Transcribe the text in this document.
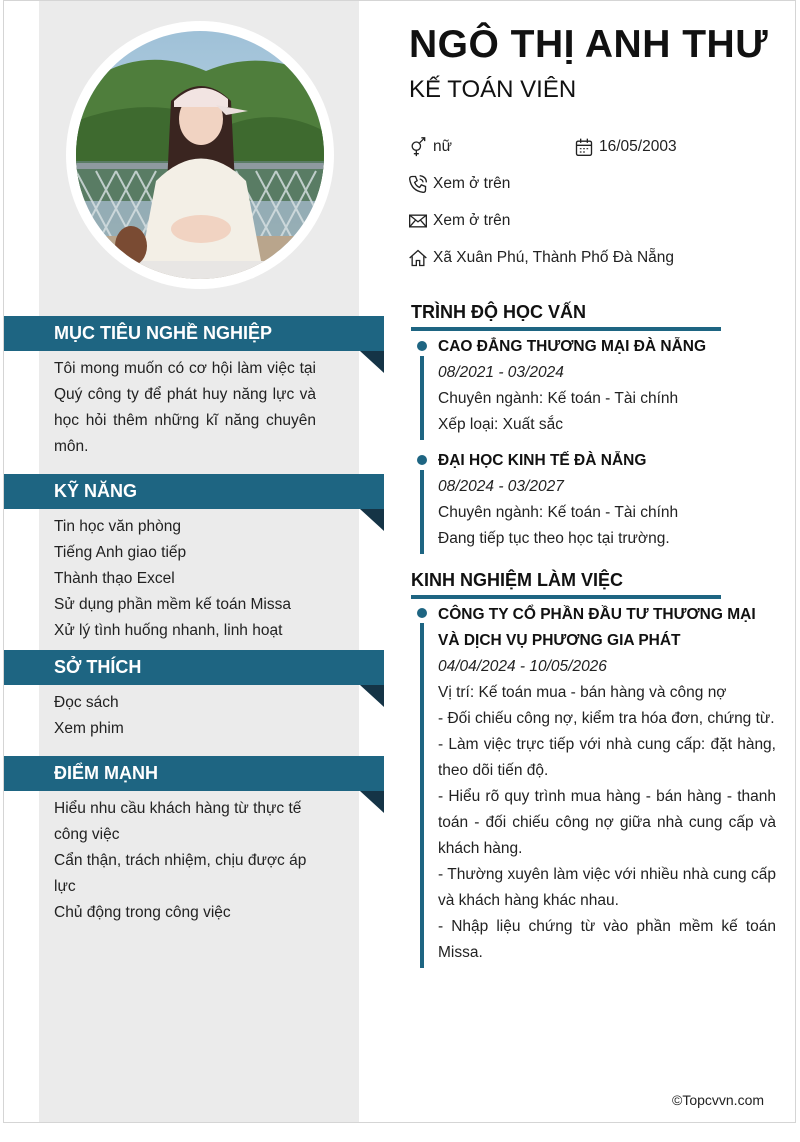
MỤC TIÊU NGHỀ NGHIỆP
Tôi mong muốn có cơ hội làm việc tại Quý công ty để phát huy năng lực và học hỏi thêm những kĩ năng chuyên môn.
KỸ NĂNG
Tin học văn phòng
Tiếng Anh giao tiếp
Thành thạo Excel
Sử dụng phần mềm kế toán Missa
Xử lý tình huống nhanh, linh hoạt
SỞ THÍCH
Đọc sách
Xem phim
ĐIỂM MẠNH
Hiểu nhu cầu khách hàng từ thực tế công việc
Cẩn thận, trách nhiệm, chịu được áp lực
Chủ động trong công việc
NGÔ THỊ ANH THƯ
KẾ TOÁN VIÊN
nữ	16/05/2003
Xem ở trên
Xem ở trên
Xã Xuân Phú, Thành Phố Đà Nẵng
TRÌNH ĐỘ HỌC VẤN
CAO ĐẲNG THƯƠNG MẠI ĐÀ NẴNG
08/2021 - 03/2024
Chuyên ngành: Kế toán - Tài chính
Xếp loại: Xuất sắc
ĐẠI HỌC KINH TẾ ĐÀ NẴNG
08/2024 - 03/2027
Chuyên ngành: Kế toán - Tài chính
Đang tiếp tục theo học tại trường.
KINH NGHIỆM LÀM VIỆC
CÔNG TY CỔ PHẦN ĐẦU TƯ THƯƠNG MẠI VÀ DỊCH VỤ PHƯƠNG GIA PHÁT
04/04/2024 - 10/05/2026
Vị trí: Kế toán mua - bán hàng và công nợ
- Đối chiếu công nợ, kiểm tra hóa đơn, chứng từ.
- Làm việc trực tiếp với nhà cung cấp: đặt hàng, theo dõi tiến độ.
- Hiểu rõ quy trình mua hàng - bán hàng - thanh toán - đối chiếu công nợ giữa nhà cung cấp và khách hàng.
- Thường xuyên làm việc với nhiều nhà cung cấp và khách hàng khác nhau.
- Nhập liệu chứng từ vào phần mềm kế toán Missa.
©Topcvvn.com
